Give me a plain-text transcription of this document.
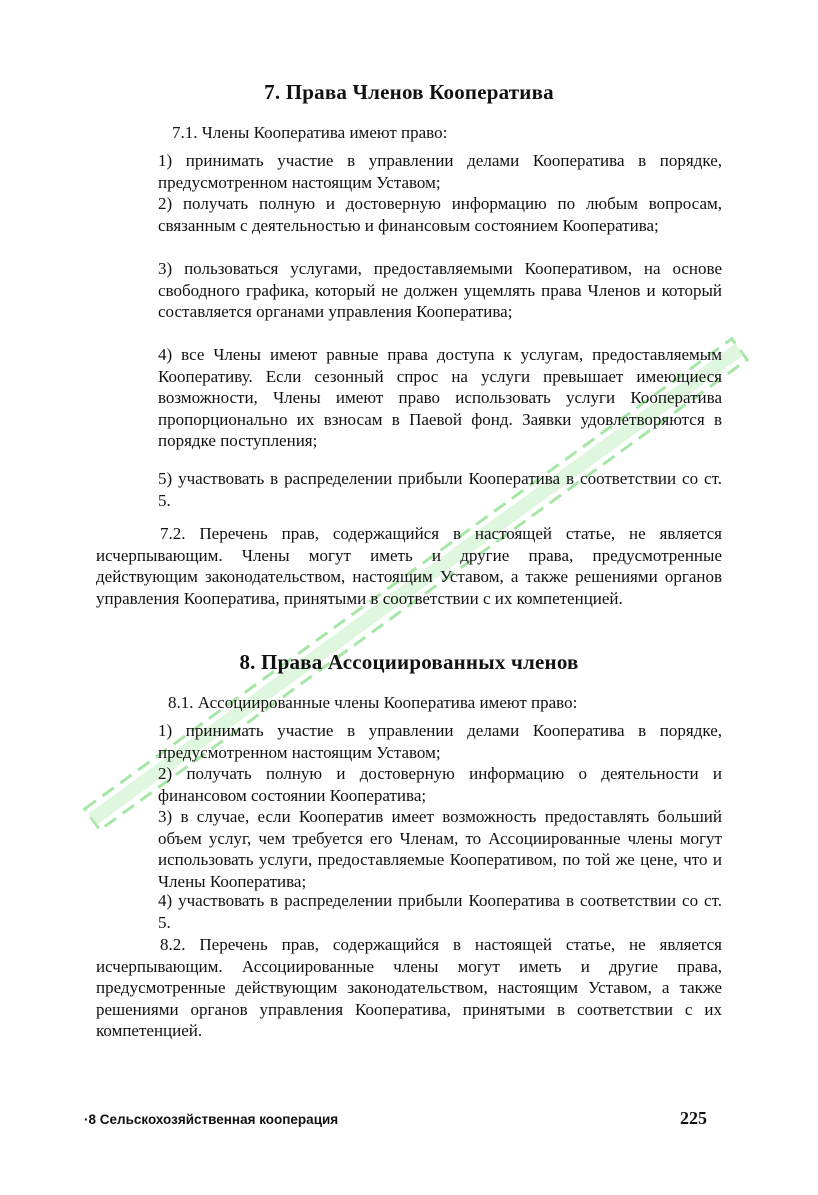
7. Права Членов Кооператива

7.1. Члены Кооператива имеют право:

1) принимать участие в управлении делами Кооператива в порядке, предусмотренном настоящим Уставом;

2) получать полную и достоверную информацию по любым вопросам, связанным с деятельностью и финансовым состоянием Кооператива;

3) пользоваться услугами, предоставляемыми Кооперативом, на основе свободного графика, который не должен ущемлять права Членов и который составляется органами управления Кооператива;

4) все Члены имеют равные права доступа к услугам, предоставляемым Кооперативу. Если сезонный спрос на услуги превышает имеющиеся возможности, Члены имеют право использовать услуги Кооператива пропорционально их взносам в Паевой фонд. Заявки удовлетворяются в порядке поступления;

5) участвовать в распределении прибыли Кооператива в соответствии со ст. 5.

7.2. Перечень прав, содержащийся в настоящей статье, не является исчерпывающим. Члены могут иметь и другие права, предусмотренные действующим законодательством, настоящим Уставом, а также решениями органов управления Кооператива, принятыми в соответствии с их компетенцией.

8. Права Ассоциированных членов

8.1. Ассоциированные члены Кооператива имеют право:

1) принимать участие в управлении делами Кооператива в порядке, предусмотренном настоящим Уставом;

2) получать полную и достоверную информацию о деятельности и финансовом состоянии Кооператива;

3) в случае, если Кооператив имеет возможность предоставлять больший объем услуг, чем требуется его Членам, то Ассоциированные члены могут использовать услуги, предоставляемые Кооперативом, по той же цене, что и Члены Кооператива;

4) участвовать в распределении прибыли Кооператива в соответствии со ст. 5.

8.2. Перечень прав, содержащийся в настоящей статье, не является исчерпывающим. Ассоциированные члены могут иметь и другие права, предусмотренные действующим законодательством, настоящим Уставом, а также решениями органов управления Кооператива, принятыми в соответствии с их компетенцией.

·8 Сельскохозяйственная кооперация	225
